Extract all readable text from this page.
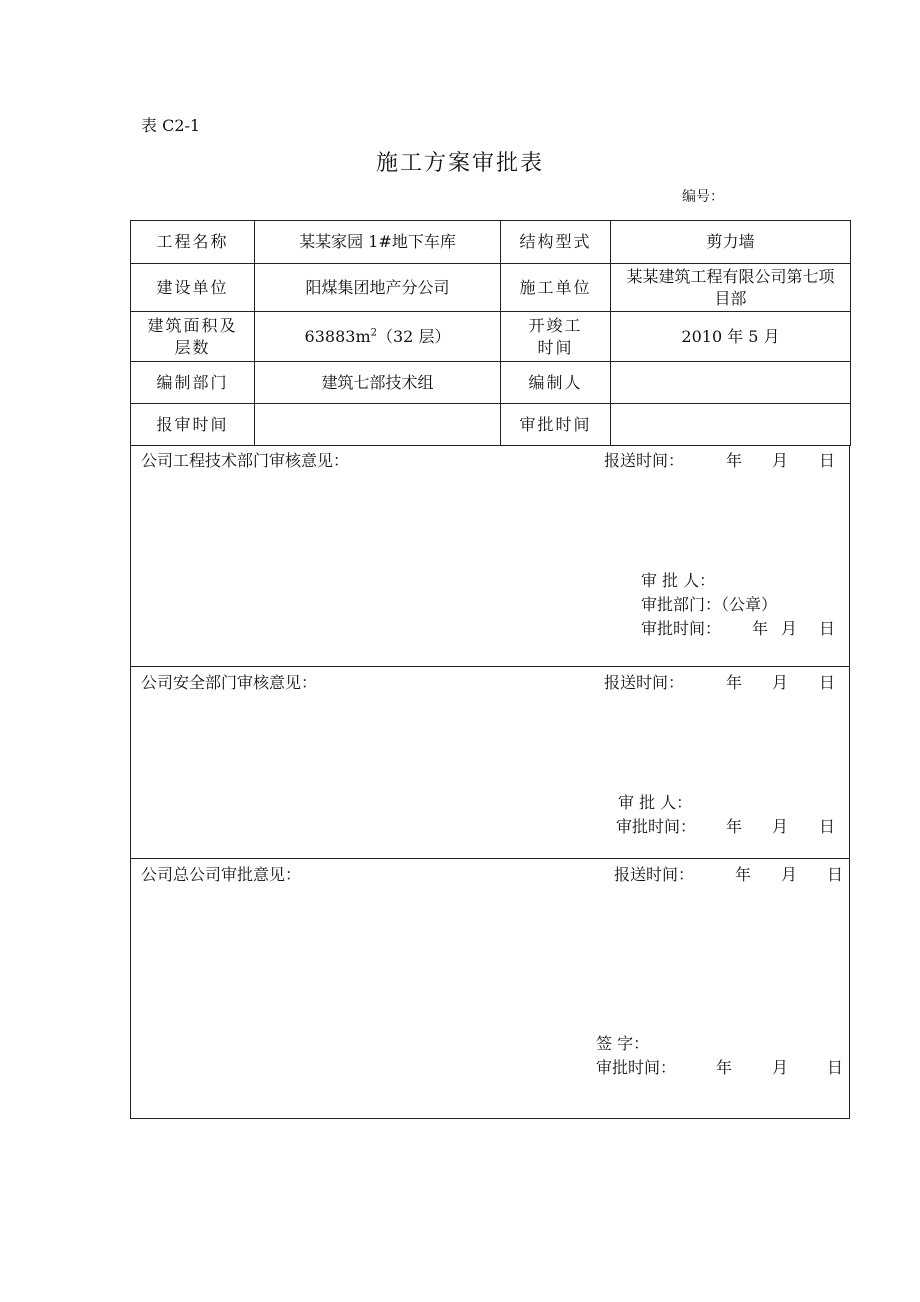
表 C2-1
施工方案审批表
编号：
工程名称	某某家园 1#地下车库	结构型式	剪力墙
建设单位	阳煤集团地产分公司	施工单位	某某建筑工程有限公司第七项目部
建筑面积及层数	$63883m^2(32$ 层）	开竣工时间	2010 年 5 月
编制部门	建筑七部技术组	编制人	
报审时间		审批时间	
公司工程技术部门审核意见：	报送时间：	年 月 日
审 批 人：
审批部门：（公章）
审批时间： 年 月 日
公司安全部门审核意见：	报送时间：	年 月 日
审 批 人：
审批时间： 年 月 日
公司总公司审批意见：	报送时间：	年 月 日
签 字：
审批时间： 年 月 日
